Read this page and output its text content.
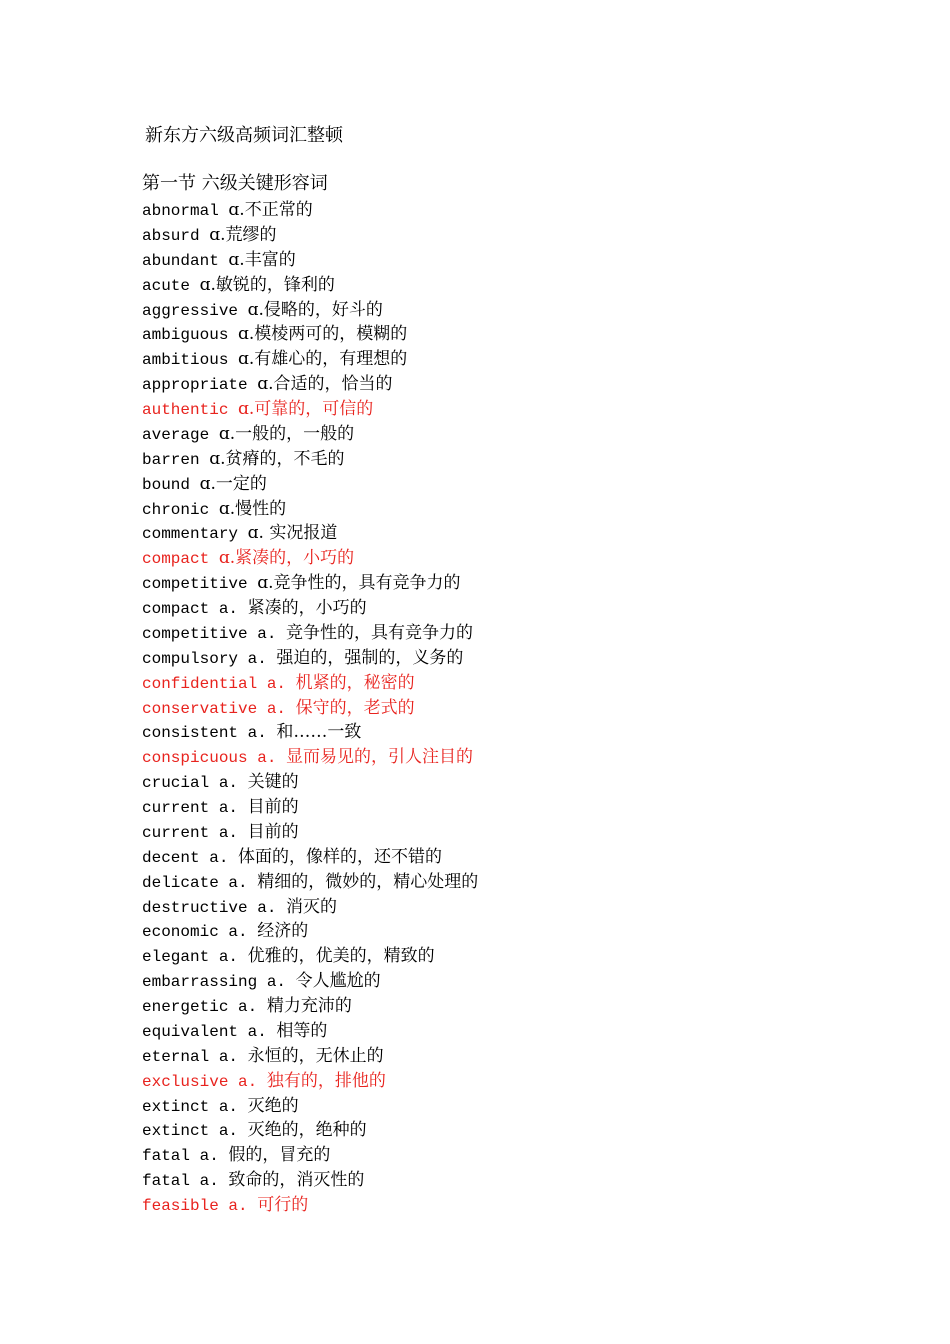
新东方六级高频词汇整顿
第一节 六级关键形容词
abnormal ɑ.不正常的
absurd ɑ.荒缪的
abundant ɑ.丰富的
acute ɑ.敏锐的，锋利的
aggressive ɑ.侵略的，好斗的
ambiguous ɑ.模棱两可的，模糊的
ambitious ɑ.有雄心的，有理想的
appropriate ɑ.合适的，恰当的
authentic ɑ.可靠的，可信的
average ɑ.一般的，一般的
barren ɑ.贫瘠的，不毛的
bound ɑ.一定的
chronic ɑ.慢性的
commentary ɑ. 实况报道
compact ɑ.紧凑的，小巧的
competitive ɑ.竞争性的，具有竞争力的
compact a. 紧凑的，小巧的
competitive a. 竞争性的，具有竞争力的
compulsory a. 强迫的，强制的，义务的
confidential a. 机紧的，秘密的
conservative a. 保守的，老式的
consistent a. 和……一致
conspicuous a. 显而易见的，引人注目的
crucial a. 关键的
current a. 目前的
current a. 目前的
decent a. 体面的，像样的，还不错的
delicate a. 精细的，微妙的，精心处理的
destructive a. 消灭的
economic a. 经济的
elegant a. 优雅的，优美的，精致的
embarrassing a. 令人尴尬的
energetic a. 精力充沛的
equivalent a. 相等的
eternal a. 永恒的，无休止的
exclusive a. 独有的，排他的
extinct a. 灭绝的
extinct a. 灭绝的，绝种的
fatal a. 假的，冒充的
fatal a. 致命的，消灭性的
feasible a. 可行的
